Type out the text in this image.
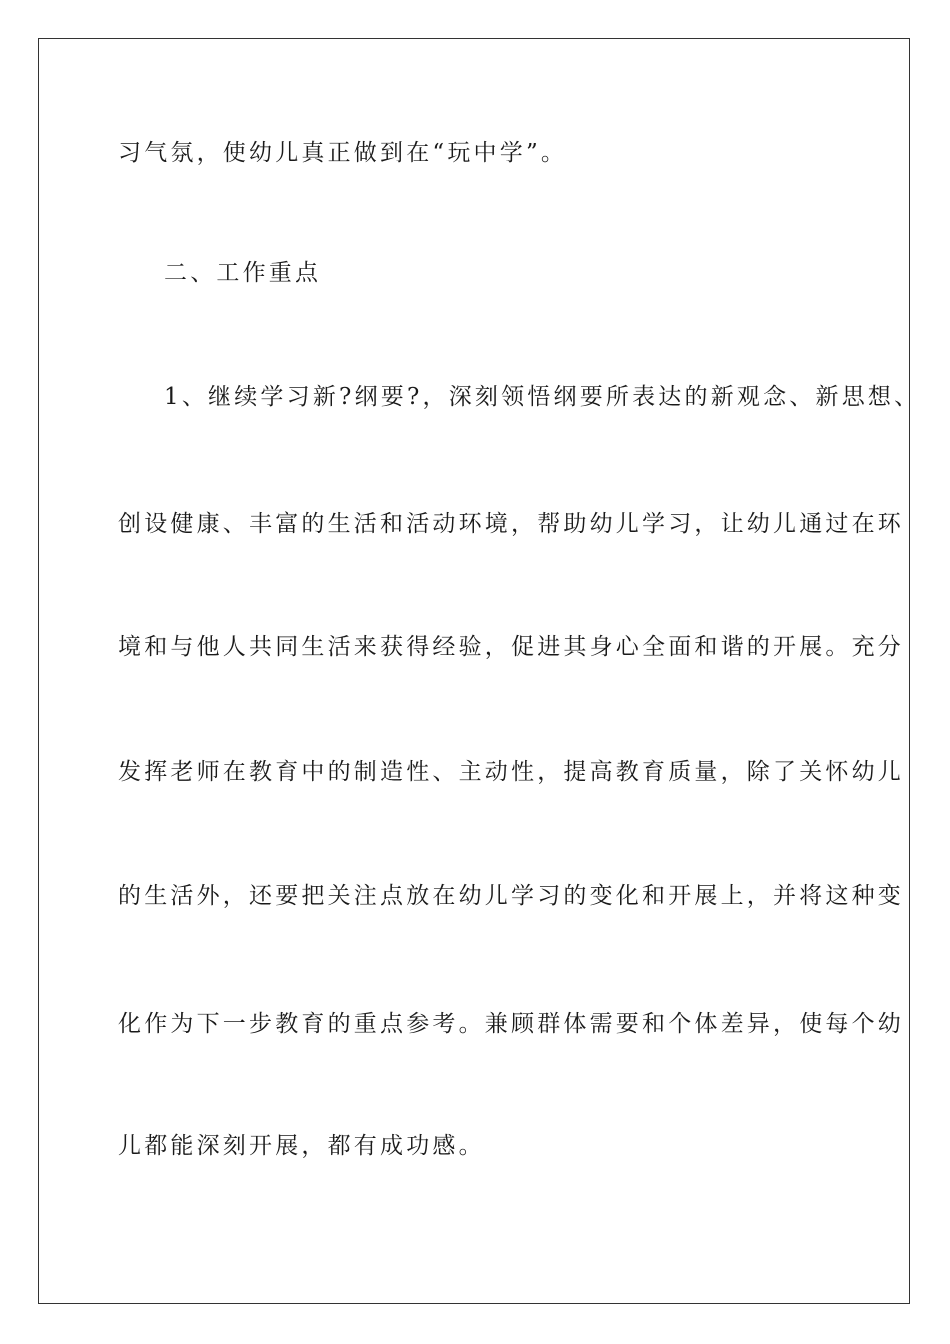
习气氛，使幼儿真正做到在“玩中学”。
二、工作重点
1、继续学习新?纲要?，深刻领悟纲要所表达的新观念、新思想、
创设健康、丰富的生活和活动环境，帮助幼儿学习，让幼儿通过在环
境和与他人共同生活来获得经验，促进其身心全面和谐的开展。充分
发挥老师在教育中的制造性、主动性，提高教育质量，除了关怀幼儿
的生活外，还要把关注点放在幼儿学习的变化和开展上，并将这种变
化作为下一步教育的重点参考。兼顾群体需要和个体差异，使每个幼
儿都能深刻开展，都有成功感。
